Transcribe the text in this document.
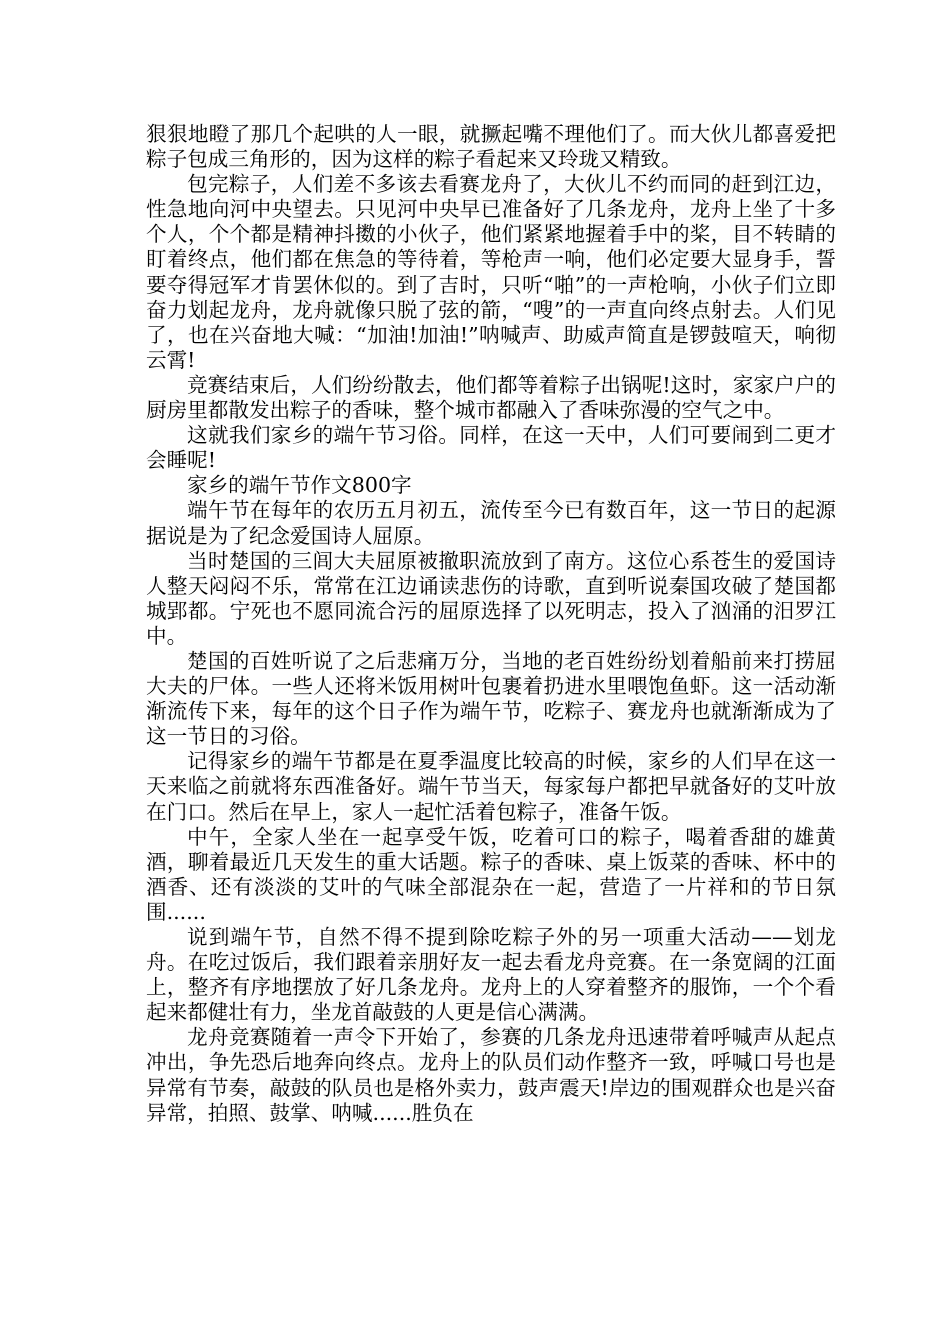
狠狠地瞪了那几个起哄的人一眼，就撅起嘴不理他们了。而大伙儿都喜爱把粽子包成三角形的，因为这样的粽子看起来又玲珑又精致。

包完粽子，人们差不多该去看赛龙舟了，大伙儿不约而同的赶到江边，性急地向河中央望去。只见河中央早已准备好了几条龙舟，龙舟上坐了十多个人，个个都是精神抖擞的小伙子，他们紧紧地握着手中的桨，目不转睛的盯着终点，他们都在焦急的等待着，等枪声一响，他们必定要大显身手，誓要夺得冠军才肯罢休似的。到了吉时，只听“啪”的一声枪响，小伙子们立即奋力划起龙舟，龙舟就像只脱了弦的箭，“嗖”的一声直向终点射去。人们见了，也在兴奋地大喊：“加油!加油!”呐喊声、助威声简直是锣鼓喧天，响彻云霄!

竞赛结束后，人们纷纷散去，他们都等着粽子出锅呢!这时，家家户户的厨房里都散发出粽子的香味，整个城市都融入了香味弥漫的空气之中。

这就我们家乡的端午节习俗。同样，在这一天中，人们可要闹到二更才会睡呢!

家乡的端午节作文800字

端午节在每年的农历五月初五，流传至今已有数百年，这一节日的起源据说是为了纪念爱国诗人屈原。

当时楚国的三闾大夫屈原被撤职流放到了南方。这位心系苍生的爱国诗人整天闷闷不乐，常常在江边诵读悲伤的诗歌，直到听说秦国攻破了楚国都城郢都。宁死也不愿同流合污的屈原选择了以死明志，投入了汹涌的汨罗江中。

楚国的百姓听说了之后悲痛万分，当地的老百姓纷纷划着船前来打捞屈大夫的尸体。一些人还将米饭用树叶包裹着扔进水里喂饱鱼虾。这一活动渐渐流传下来，每年的这个日子作为端午节，吃粽子、赛龙舟也就渐渐成为了这一节日的习俗。

记得家乡的端午节都是在夏季温度比较高的时候，家乡的人们早在这一天来临之前就将东西准备好。端午节当天，每家每户都把早就备好的艾叶放在门口。然后在早上，家人一起忙活着包粽子，准备午饭。

中午，全家人坐在一起享受午饭，吃着可口的粽子，喝着香甜的雄黄酒，聊着最近几天发生的重大话题。粽子的香味、桌上饭菜的香味、杯中的酒香、还有淡淡的艾叶的气味全部混杂在一起，营造了一片祥和的节日氛围......

说到端午节，自然不得不提到除吃粽子外的另一项重大活动——划龙舟。在吃过饭后，我们跟着亲朋好友一起去看龙舟竞赛。在一条宽阔的江面上，整齐有序地摆放了好几条龙舟。龙舟上的人穿着整齐的服饰，一个个看起来都健壮有力，坐龙首敲鼓的人更是信心满满。

龙舟竞赛随着一声令下开始了，参赛的几条龙舟迅速带着呼喊声从起点冲出，争先恐后地奔向终点。龙舟上的队员们动作整齐一致，呼喊口号也是异常有节奏，敲鼓的队员也是格外卖力，鼓声震天!岸边的围观群众也是兴奋异常，拍照、鼓掌、呐喊......胜负在
